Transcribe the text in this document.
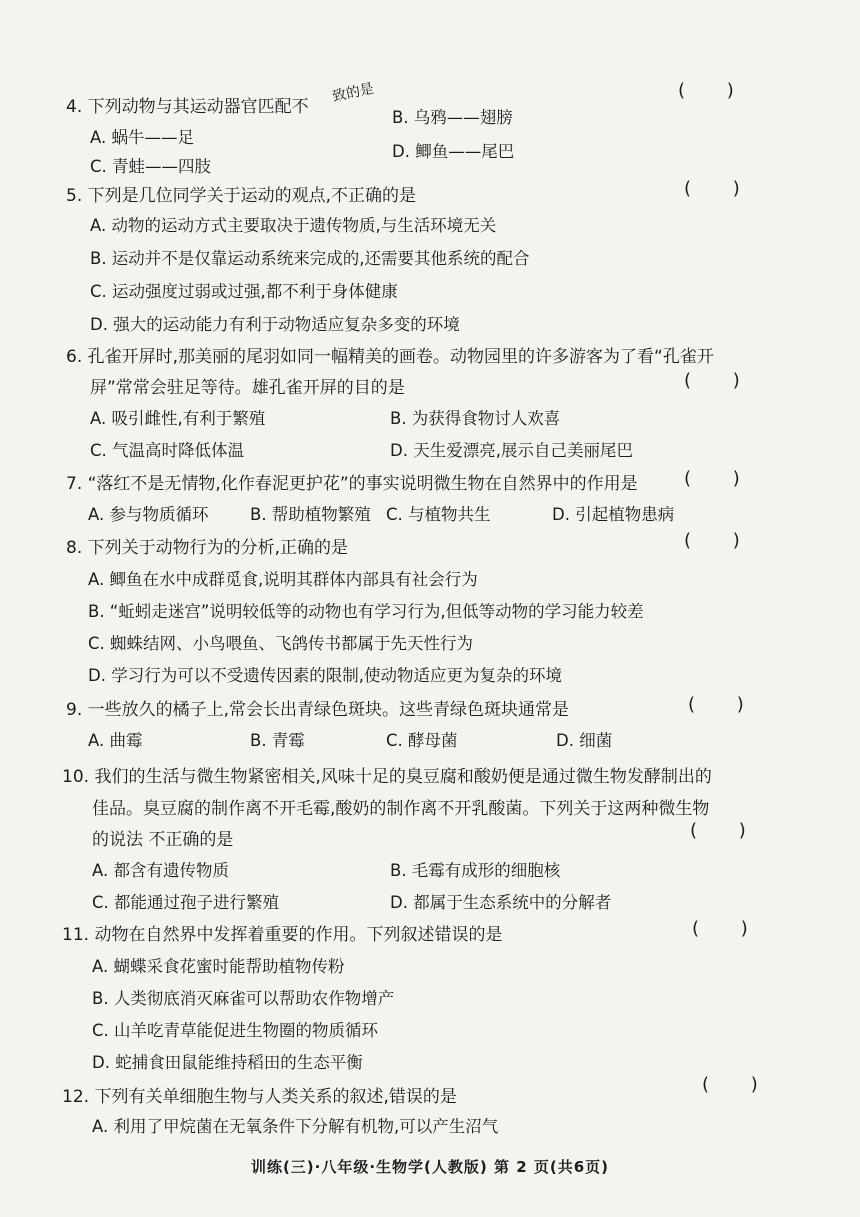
4. 下列动物与其运动器官匹配不
致的是	( )
A. 蜗牛——足
B. 乌鸦——翅膀
C. 青蛙——四肢
D. 鲫鱼——尾巴
5. 下列是几位同学关于运动的观点,不正确的是	( )
A. 动物的运动方式主要取决于遗传物质,与生活环境无关
B. 运动并不是仅靠运动系统来完成的,还需要其他系统的配合
C. 运动强度过弱或过强,都不利于身体健康
D. 强大的运动能力有利于动物适应复杂多变的环境
6. 孔雀开屏时,那美丽的尾羽如同一幅精美的画卷。动物园里的许多游客为了看“孔雀开
屏”常常会驻足等待。雄孔雀开屏的目的是	( )
A. 吸引雌性,有利于繁殖	B. 为获得食物讨人欢喜
C. 气温高时降低体温	D. 天生爱漂亮,展示自己美丽尾巴
7. “落红不是无情物,化作春泥更护花”的事实说明微生物在自然界中的作用是	( )
A. 参与物质循环	B. 帮助植物繁殖 C. 与植物共生	D. 引起植物患病
8. 下列关于动物行为的分析,正确的是	( )
A. 鲫鱼在水中成群觅食,说明其群体内部具有社会行为
B. “蚯蚓走迷宫”说明较低等的动物也有学习行为,但低等动物的学习能力较差
C. 蜘蛛结网、小鸟喂鱼、飞鸽传书都属于先天性行为
D. 学习行为可以不受遗传因素的限制,使动物适应更为复杂的环境
9. 一些放久的橘子上,常会长出青绿色斑块。这些青绿色斑块通常是	( )
A. 曲霉	B. 青霉	C. 酵母菌	D. 细菌
10. 我们的生活与微生物紧密相关,风味十足的臭豆腐和酸奶便是通过微生物发酵制出的
佳品。臭豆腐的制作离不开毛霉,酸奶的制作离不开乳酸菌。下列关于这两种微生物
的说法 不正确的是	( )
A. 都含有遗传物质	B. 毛霉有成形的细胞核
C. 都能通过孢子进行繁殖	D. 都属于生态系统中的分解者
11. 动物在自然界中发挥着重要的作用。下列叙述错误的是	( )
A. 蝴蝶采食花蜜时能帮助植物传粉
B. 人类彻底消灭麻雀可以帮助农作物增产
C. 山羊吃青草能促进生物圈的物质循环
D. 蛇捕食田鼠能维持稻田的生态平衡
12. 下列有关单细胞生物与人类关系的叙述,错误的是
( )
A. 利用了甲烷菌在无氧条件下分解有机物,可以产生沼气
训练(三)·八年级·生物学(人教版) 第 2 页(共6页)
